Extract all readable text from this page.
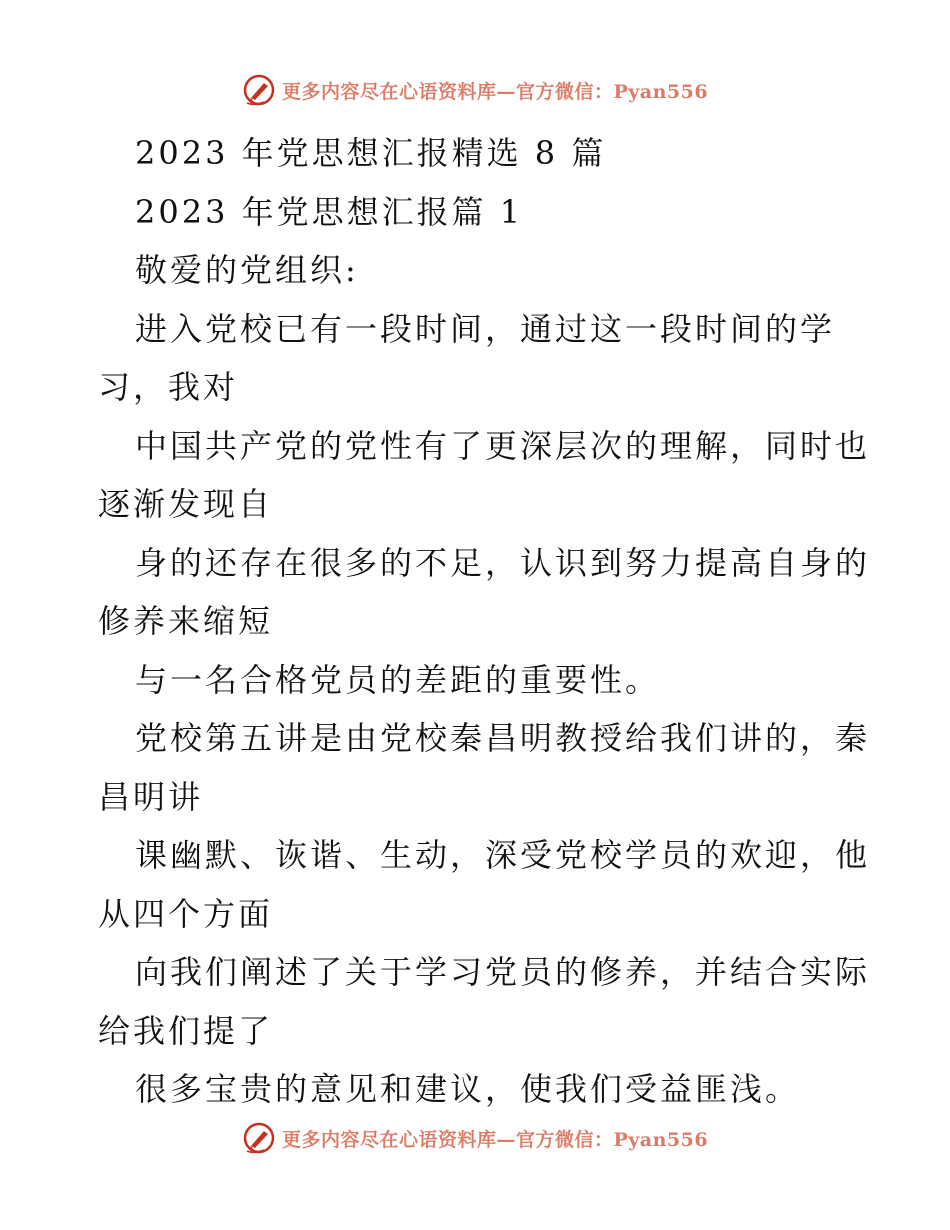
更多内容尽在心语资料库—官方微信：Pyan556
2023 年党思想汇报精选 8 篇
2023 年党思想汇报篇 1
敬爱的党组织:
进入党校已有一段时间，通过这一段时间的学
习，我对
中国共产党的党性有了更深层次的理解，同时也
逐渐发现自
身的还存在很多的不足，认识到努力提高自身的
修养来缩短
与一名合格党员的差距的重要性。
党校第五讲是由党校秦昌明教授给我们讲的，秦
昌明讲
课幽默、诙谐、生动，深受党校学员的欢迎，他
从四个方面
向我们阐述了关于学习党员的修养，并结合实际
给我们提了
很多宝贵的意见和建议，使我们受益匪浅。
更多内容尽在心语资料库—官方微信：Pyan556
